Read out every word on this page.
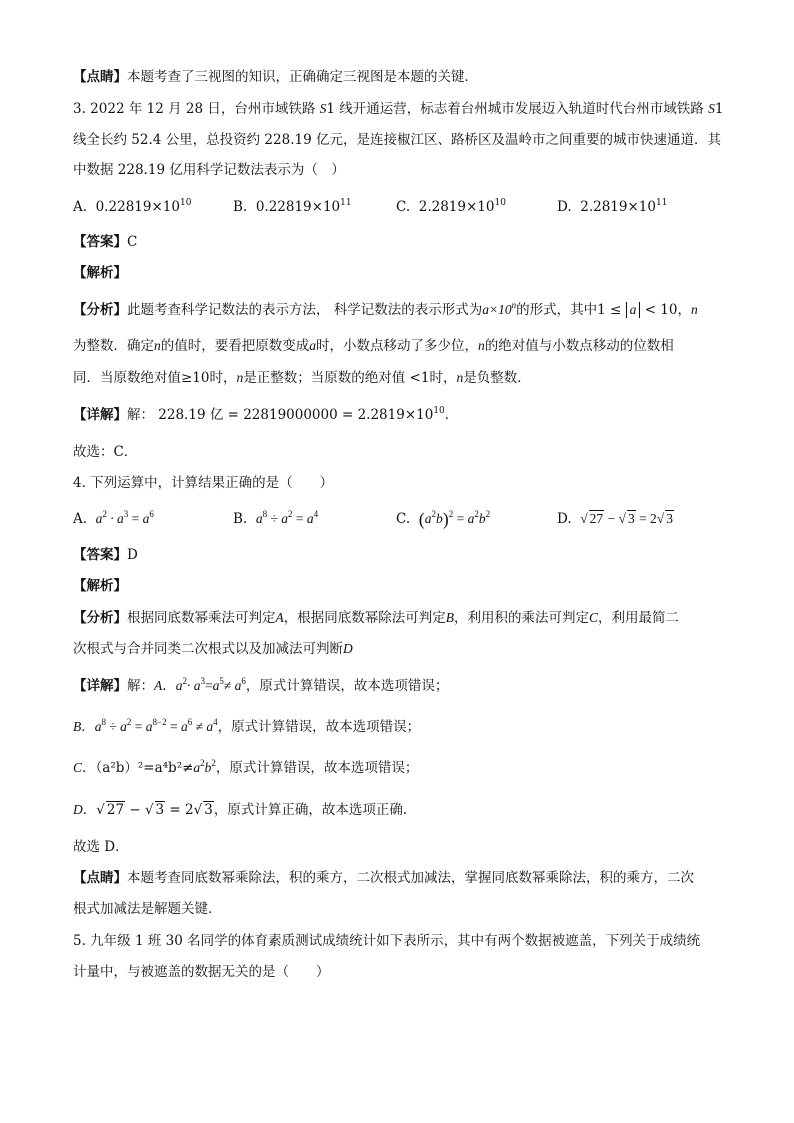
【点睛】本题考查了三视图的知识，正确确定三视图是本题的关键．
3. 2022 年 12 月 28 日，台州市域铁路 S1 线开通运营，标志着台州城市发展迈入轨道时代台州市域铁路 S1
线全长约 52.4 公里，总投资约 228.19 亿元，是连接椒江区、路桥区及温岭市之间重要的城市快速通道．其
中数据 228.19 亿用科学记数法表示为（　）
A. $0.22819\times 10^{10}$	B. $0.22819\times 10^{11}$	C. $2.2819\times 10^{10}$	D. $2.2819\times 10^{11}$
【答案】C
【解析】
【分析】此题考查科学记数法的表示方法， 科学记数法的表示形式为$a\times 10^n$的形式，其中1 ≤ a < 10，n
为整数．确定n的值时，要看把原数变成a时，小数点移动了多少位，n的绝对值与小数点移动的位数相
同．当原数绝对值≥10时，n是正整数；当原数的绝对值 <1时，n是负整数．
【详解】解： 228.19 亿 = $22819000000 = 2.2819\times 10^{10}$．
故选：C．
4. 下列运算中，计算结果正确的是（　　）
A. $a^2 \cdot a^3 = a^6$	B. $a^8 \div a^2 = a^4$	C. $(a^2b)^2 = a^2b^2$	D. √ 27 − √ 3 = 2√ 3
【答案】D
【解析】
【分析】根据同底数幂乘法可判定A，根据同底数幂除法可判定B，利用积的乘法可判定C，利用最简二
次根式与合并同类二次根式以及加减法可判断D
【详解】解：A．$a^2\cdot a^3=a^5\ne a^6$，原式计算错误，故本选项错误；
B．$a^8 \div a^2 = a^{8-2} = a^6 \ne a^4$，原式计算错误，故本选项错误；
C．$(a^2b)^2=a^4b^2\ne a^2b^2$，原式计算错误，故本选项错误；
D．√ 27 − √ 3 = 2√ 3，原式计算正确，故本选项正确．
故选 D．
【点睛】本题考查同底数幂乘除法，积的乘方，二次根式加减法，掌握同底数幂乘除法，积的乘方，二次
根式加减法是解题关键．
5. 九年级 1 班 30 名同学的体育素质测试成绩统计如下表所示，其中有两个数据被遮盖，下列关于成绩统
计量中，与被遮盖的数据无关的是（　　）
